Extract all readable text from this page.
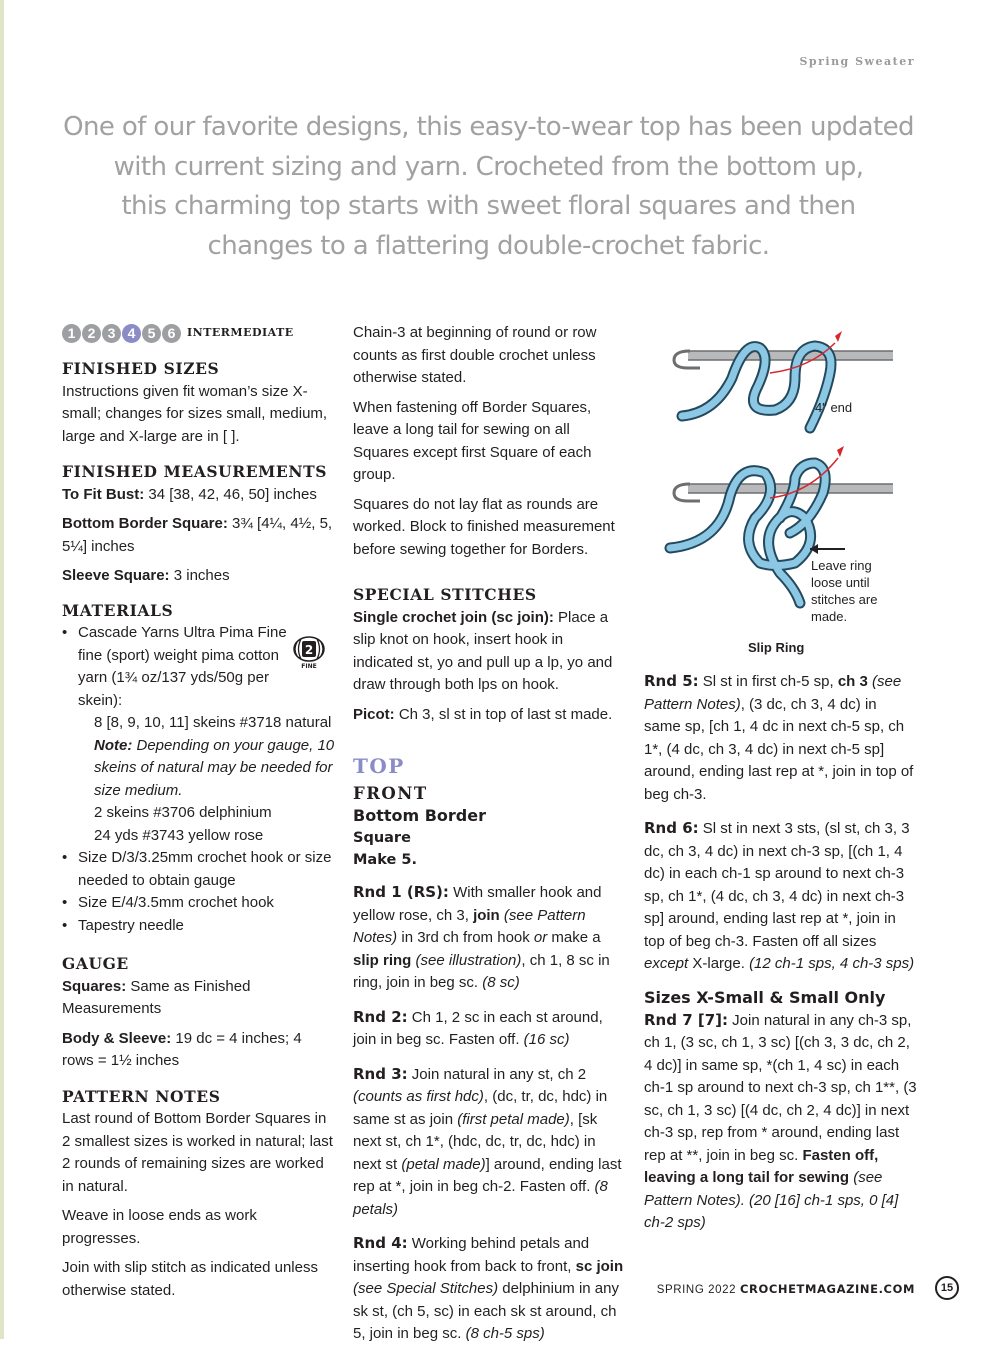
Spring Sweater
One of our favorite designs, this easy-to-wear top has been updated
with current sizing and yarn. Crocheted from the bottom up,
this charming top starts with sweet floral squares and then
changes to a flattering double-crochet fabric.
1 2 3 4 5 6	INTERMEDIATE
FINISHED SIZES

Instructions given fit woman’s size X-small; changes for sizes small, medium, large and X-large are in [ ].

FINISHED MEASUREMENTS

To Fit Bust: 34 [38, 42, 46, 50] inches

Bottom Border Square: 3¾ [4¼, 4½, 5, 5¼] inches

Sleeve Square: 3 inches

MATERIALS
• Cascade Yarns Ultra Pima Fine fine (sport) weight pima cotton yarn (1¾ oz/137 yds/50g per skein):
8 [8, 9, 10, 11] skeins #3718 natural
Note: Depending on your gauge, 10 skeins of natural may be needed for size medium.
2 skeins #3706 delphinium
24 yds #3743 yellow rose
• Size D/3/3.25mm crochet hook or size needed to obtain gauge
• Size E/4/3.5mm crochet hook
• Tapestry needle
GAUGE

Squares: Same as Finished Measurements

Body & Sleeve: 19 dc = 4 inches; 4 rows = 1½ inches

PATTERN NOTES

Last round of Bottom Border Squares in 2 smallest sizes is worked in natural; last 2 rounds of remaining sizes are worked in natural.

Weave in loose ends as work progresses.

Join with slip stitch as indicated unless otherwise stated.

2
FINE

Chain-3 at beginning of round or row counts as first double crochet unless otherwise stated.

When fastening off Border Squares, leave a long tail for sewing on all Squares except first Square of each group.

Squares do not lay flat as rounds are worked. Block to finished measurement before sewing together for Borders.

SPECIAL STITCHES

Single crochet join (sc join): Place a slip knot on hook, insert hook in indicated st, yo and pull up a lp, yo and draw through both lps on hook.

Picot: Ch 3, sl st in top of last st made.

TOP
FRONT
Bottom Border
Square
Make 5.

Rnd 1 (RS): With smaller hook and yellow rose, ch 3, join (see Pattern Notes) in 3rd ch from hook or make a slip ring (see illustration), ch 1, 8 sc in ring, join in beg sc. (8 sc)

Rnd 2: Ch 1, 2 sc in each st around, join in beg sc. Fasten off. (16 sc)

Rnd 3: Join natural in any st, ch 2 (counts as first hdc), (dc, tr, dc, hdc) in same st as join (first petal made), [sk next st, ch 1*, (hdc, dc, tr, dc, hdc) in next st (petal made)] around, ending last rep at *, join in beg ch-2. Fasten off. (8 petals)

Rnd 4: Working behind petals and inserting hook from back to front, sc join (see Special Stitches) delphinium in any sk st, (ch 5, sc) in each sk st around, ch 5, join in beg sc. (8 ch-5 sps)

4" end
Leave ring
loose until
stitches are
made.
Slip Ring

Rnd 5: Sl st in first ch-5 sp, ch 3 (see Pattern Notes), (3 dc, ch 3, 4 dc) in same sp, [ch 1, 4 dc in next ch-5 sp, ch 1*, (4 dc, ch 3, 4 dc) in next ch-5 sp] around, ending last rep at *, join in top of beg ch-3.

Rnd 6: Sl st in next 3 sts, (sl st, ch 3, 3 dc, ch 3, 4 dc) in next ch-3 sp, [(ch 1, 4 dc) in each ch-1 sp around to next ch-3 sp, ch 1*, (4 dc, ch 3, 4 dc) in next ch-3 sp] around, ending last rep at *, join in top of beg ch-3. Fasten off all sizes except X-large. (12 ch-1 sps, 4 ch-3 sps)

Sizes X-Small & Small Only

Rnd 7 [7]: Join natural in any ch-3 sp, ch 1, (3 sc, ch 1, 3 sc) [(ch 3, 3 dc, ch 2, 4 dc)] in same sp, *(ch 1, 4 sc) in each ch-1 sp around to next ch-3 sp, ch 1**, (3 sc, ch 1, 3 sc) [(4 dc, ch 2, 4 dc)] in next ch-3 sp, rep from * around, ending last rep at **, join in beg sc. Fasten off, leaving a long tail for sewing (see Pattern Notes). (20 [16] ch-1 sps, 0 [4] ch-2 sps)

SPRING 2022 CROCHETMAGAZINE.COM	15
